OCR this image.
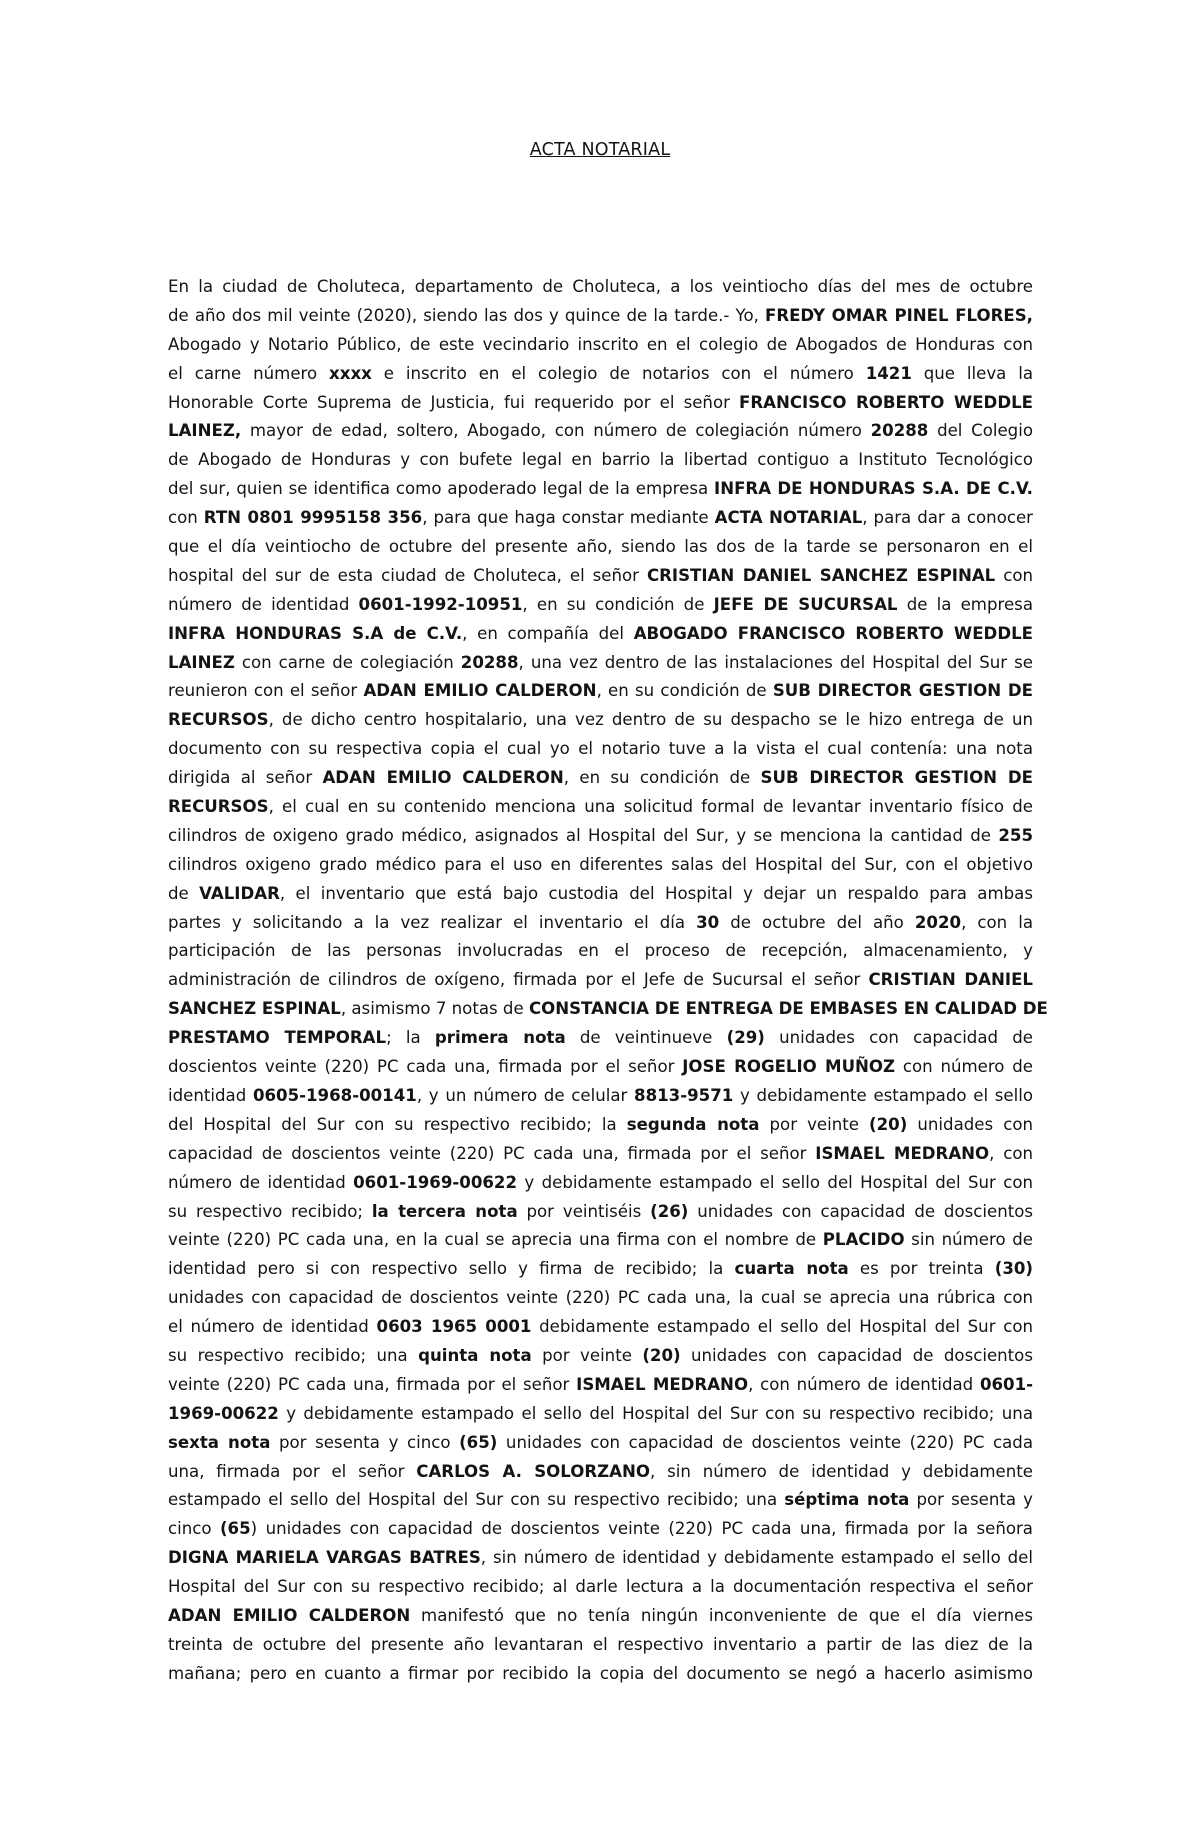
ACTA NOTARIAL
En la ciudad de Choluteca, departamento de Choluteca, a los veintiocho días del mes de octubre
de año dos mil veinte (2020), siendo las dos y quince de la tarde.- Yo, FREDY OMAR PINEL FLORES,
Abogado y Notario Público, de este vecindario inscrito en el colegio de Abogados de Honduras con
el carne número xxxx e inscrito en el colegio de notarios con el número 1421 que lleva la
Honorable Corte Suprema de Justicia, fui requerido por el señor FRANCISCO ROBERTO WEDDLE
LAINEZ, mayor de edad, soltero, Abogado, con número de colegiación número 20288 del Colegio
de Abogado de Honduras y con bufete legal en barrio la libertad contiguo a Instituto Tecnológico
del sur, quien se identifica como apoderado legal de la empresa INFRA DE HONDURAS S.A. DE C.V.
con RTN 0801 9995158 356, para que haga constar mediante ACTA NOTARIAL, para dar a conocer
que el día veintiocho de octubre del presente año, siendo las dos de la tarde se personaron en el
hospital del sur de esta ciudad de Choluteca, el señor CRISTIAN DANIEL SANCHEZ ESPINAL con
número de identidad 0601-1992-10951, en su condición de JEFE DE SUCURSAL de la empresa
INFRA HONDURAS S.A de C.V., en compañía del ABOGADO FRANCISCO ROBERTO WEDDLE
LAINEZ con carne de colegiación 20288, una vez dentro de las instalaciones del Hospital del Sur se
reunieron con el señor ADAN EMILIO CALDERON, en su condición de SUB DIRECTOR GESTION DE
RECURSOS, de dicho centro hospitalario, una vez dentro de su despacho se le hizo entrega de un
documento con su respectiva copia el cual yo el notario tuve a la vista el cual contenía: una nota
dirigida al señor ADAN EMILIO CALDERON, en su condición de SUB DIRECTOR GESTION DE
RECURSOS, el cual en su contenido menciona una solicitud formal de levantar inventario físico de
cilindros de oxigeno grado médico, asignados al Hospital del Sur, y se menciona la cantidad de 255
cilindros oxigeno grado médico para el uso en diferentes salas del Hospital del Sur, con el objetivo
de VALIDAR, el inventario que está bajo custodia del Hospital y dejar un respaldo para ambas
partes y solicitando a la vez realizar el inventario el día 30 de octubre del año 2020, con la
participación de las personas involucradas en el proceso de recepción, almacenamiento, y
administración de cilindros de oxígeno, firmada por el Jefe de Sucursal el señor CRISTIAN DANIEL
SANCHEZ ESPINAL, asimismo 7 notas de CONSTANCIA DE ENTREGA DE EMBASES EN CALIDAD DE
PRESTAMO TEMPORAL; la primera nota de veintinueve (29) unidades con capacidad de
doscientos veinte (220) PC cada una, firmada por el señor JOSE ROGELIO MUÑOZ con número de
identidad 0605-1968-00141, y un número de celular 8813-9571 y debidamente estampado el sello
del Hospital del Sur con su respectivo recibido; la segunda nota por veinte (20) unidades con
capacidad de doscientos veinte (220) PC cada una, firmada por el señor ISMAEL MEDRANO, con
número de identidad 0601-1969-00622 y debidamente estampado el sello del Hospital del Sur con
su respectivo recibido; la tercera nota por veintiséis (26) unidades con capacidad de doscientos
veinte (220) PC cada una, en la cual se aprecia una firma con el nombre de PLACIDO sin número de
identidad pero si con respectivo sello y firma de recibido; la cuarta nota es por treinta (30)
unidades con capacidad de doscientos veinte (220) PC cada una, la cual se aprecia una rúbrica con
el número de identidad 0603 1965 0001 debidamente estampado el sello del Hospital del Sur con
su respectivo recibido; una quinta nota por veinte (20) unidades con capacidad de doscientos
veinte (220) PC cada una, firmada por el señor ISMAEL MEDRANO, con número de identidad 0601-
1969-00622 y debidamente estampado el sello del Hospital del Sur con su respectivo recibido; una
sexta nota por sesenta y cinco (65) unidades con capacidad de doscientos veinte (220) PC cada
una, firmada por el señor CARLOS A. SOLORZANO, sin número de identidad y debidamente
estampado el sello del Hospital del Sur con su respectivo recibido; una séptima nota por sesenta y
cinco (65) unidades con capacidad de doscientos veinte (220) PC cada una, firmada por la señora
DIGNA MARIELA VARGAS BATRES, sin número de identidad y debidamente estampado el sello del
Hospital del Sur con su respectivo recibido; al darle lectura a la documentación respectiva el señor
ADAN EMILIO CALDERON manifestó que no tenía ningún inconveniente de que el día viernes
treinta de octubre del presente año levantaran el respectivo inventario a partir de las diez de la
mañana; pero en cuanto a firmar por recibido la copia del documento se negó a hacerlo asimismo
